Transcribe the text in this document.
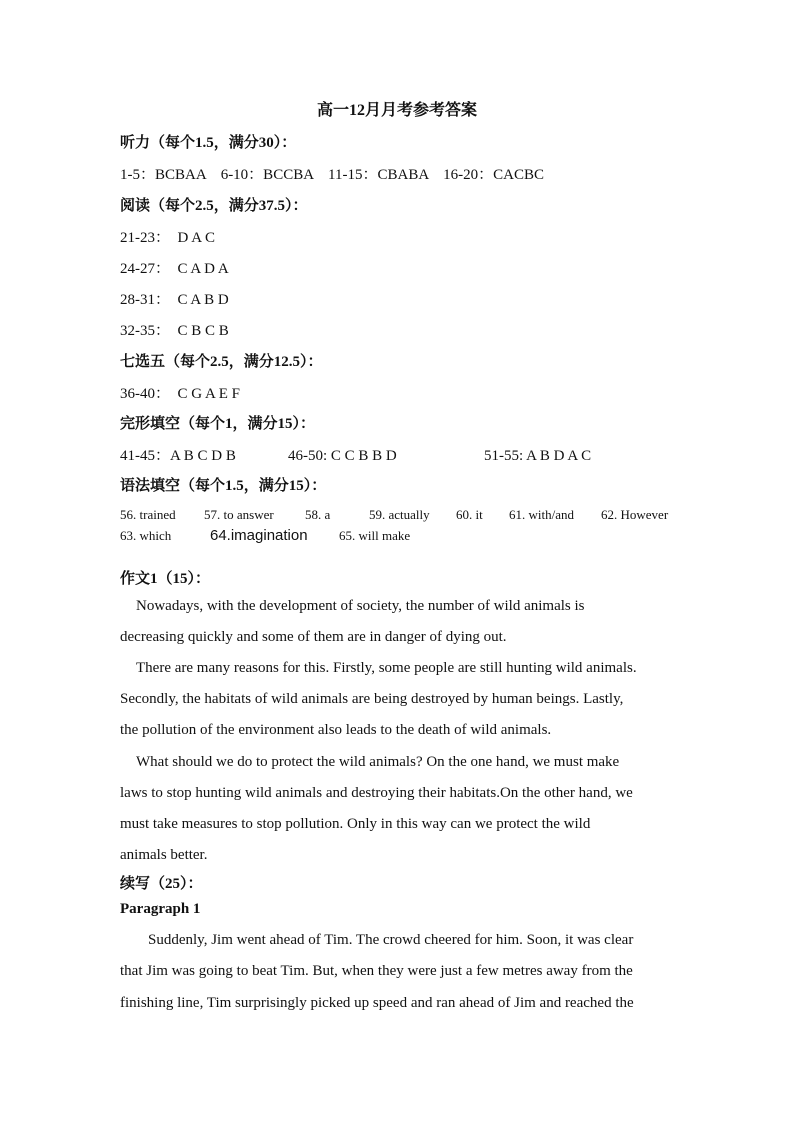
高一12月月考参考答案
听力（每个1.5，满分30）：
1-5：BCBAA 6-10：BCCBA 11-15：CBABA 16-20：CACBC
阅读（每个2.5，满分37.5）：
21-23：  D A C
24-27：  C A D A
28-31：  C A B D
32-35：  C B C B
七选五（每个2.5，满分12.5）：
36-40：  C G A E F
完形填空（每个1，满分15）：
41-45：A B C D B	46-50: C C B B D	51-55: A B D A C
语法填空（每个1.5，满分15）：
56. trained 57. to answer 58. a	59. actually 60. it 61. with/and 62. However
63. which	64.imagination 65. will make
作文1（15）：
Nowadays, with the development of society, the number of wild animals is
decreasing quickly and some of them are in danger of dying out.
There are many reasons for this. Firstly, some people are still hunting wild animals.
Secondly, the habitats of wild animals are being destroyed by human beings. Lastly,
the pollution of the environment also leads to the death of wild animals.
What should we do to protect the wild animals? On the one hand, we must make
laws to stop hunting wild animals and destroying their habitats.On the other hand, we
must take measures to stop pollution. Only in this way can we protect the wild
animals better.
续写（25）：
Paragraph 1
Suddenly, Jim went ahead of Tim. The crowd cheered for him. Soon, it was clear
that Jim was going to beat Tim. But, when they were just a few metres away from the
finishing line, Tim surprisingly picked up speed and ran ahead of Jim and reached the
